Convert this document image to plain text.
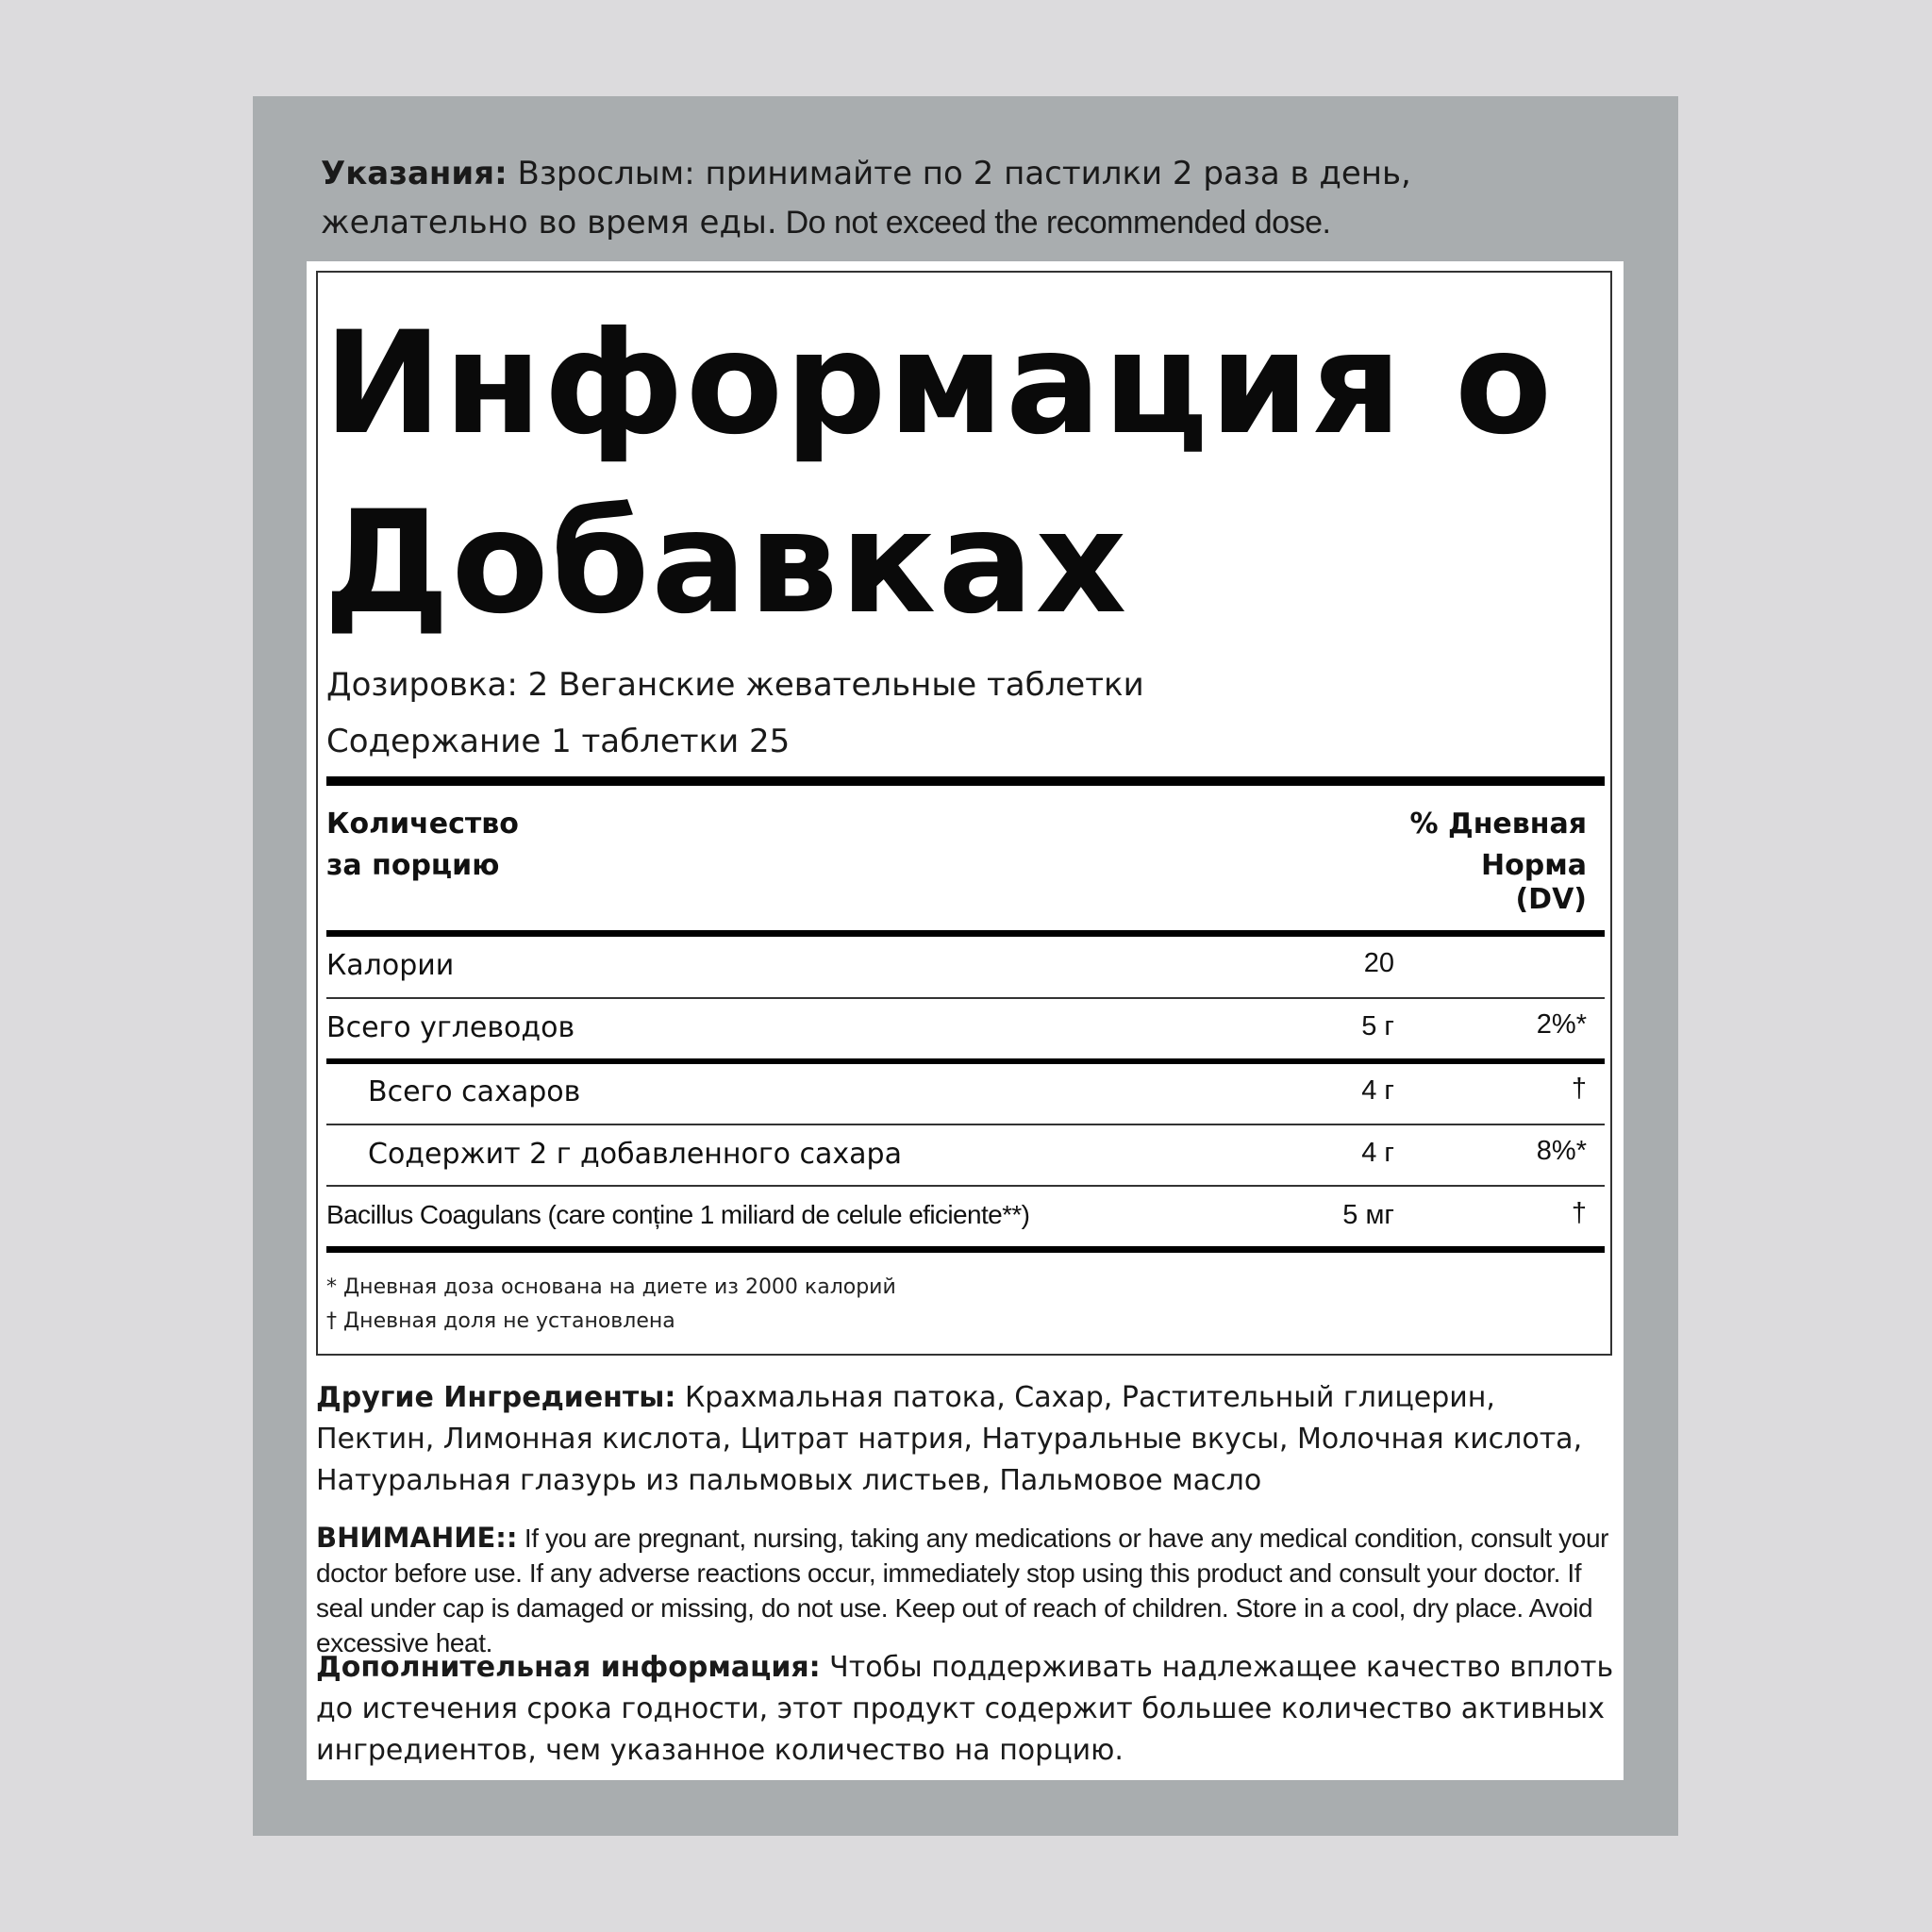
Указания: Взрослым: принимайте по 2 пастилки 2 раза в день, желательно во время еды. Do not exceed the recommended dose.
Информация о Добавках
Дозировка: 2 Веганские жевательные таблетки
Содержание 1 таблетки 25
Количество
за порцию
% Дневная
Норма
(DV)
Калории	20
Всего углеводов	5 г	2%*
Всего сахаров	4 г	†
Содержит 2 г добавленного сахара	4 г	8%*
Bacillus Coagulans (care conține 1 miliard de celule eficiente**)	5 мг	†
* Дневная доза основана на диете из 2000 калорий
† Дневная доля не установлена
Другие Ингредиенты: Крахмальная патока, Сахар, Растительный глицерин, Пектин, Лимонная кислота, Цитрат натрия, Натуральные вкусы, Молочная кислота, Натуральная глазурь из пальмовых листьев, Пальмовое масло
ВНИМАНИЕ:: If you are pregnant, nursing, taking any medications or have any medical condition, consult your doctor before use. If any adverse reactions occur, immediately stop using this product and consult your doctor. If seal under cap is damaged or missing, do not use. Keep out of reach of children. Store in a cool, dry place. Avoid excessive heat.
Дополнительная информация: Чтобы поддерживать надлежащее качество вплоть до истечения срока годности, этот продукт содержит большее количество активных ингредиентов, чем указанное количество на порцию.
